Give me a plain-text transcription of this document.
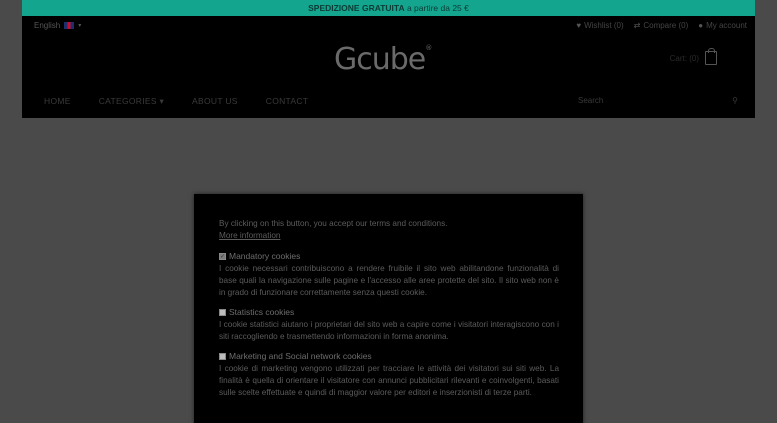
SPEDIZIONE GRATUITA a partire da 25 €
English	▾	♥ Wishlist (0) ⇄ Compare (0) ● My account
Gcube®
Cart: (0)
HOME	CATEGORIES ▾	ABOUT US	CONTACT	Search	⚲
By clicking on this button, you accept our terms and conditions.
More information
✓ Mandatory cookies

I cookie necessari contribuiscono a rendere fruibile il sito web abilitandone funzionalità di base quali la navigazione sulle pagine e l'accesso alle aree protette del sito. Il sito web non è in grado di funzionare correttamente senza questi cookie.

Statistics cookies

I cookie statistici aiutano i proprietari del sito web a capire come i visitatori interagiscono con i siti raccogliendo e trasmettendo informazioni in forma anonima.

Marketing and Social network cookies

I cookie di marketing vengono utilizzati per tracciare le attività dei visitatori sui siti web. La finalità è quella di orientare il visitatore con annunci pubblicitari rilevanti e coinvolgenti, basati sulle scelte effettuate e quindi di maggior valore per editori e inserzionisti di terze parti.
